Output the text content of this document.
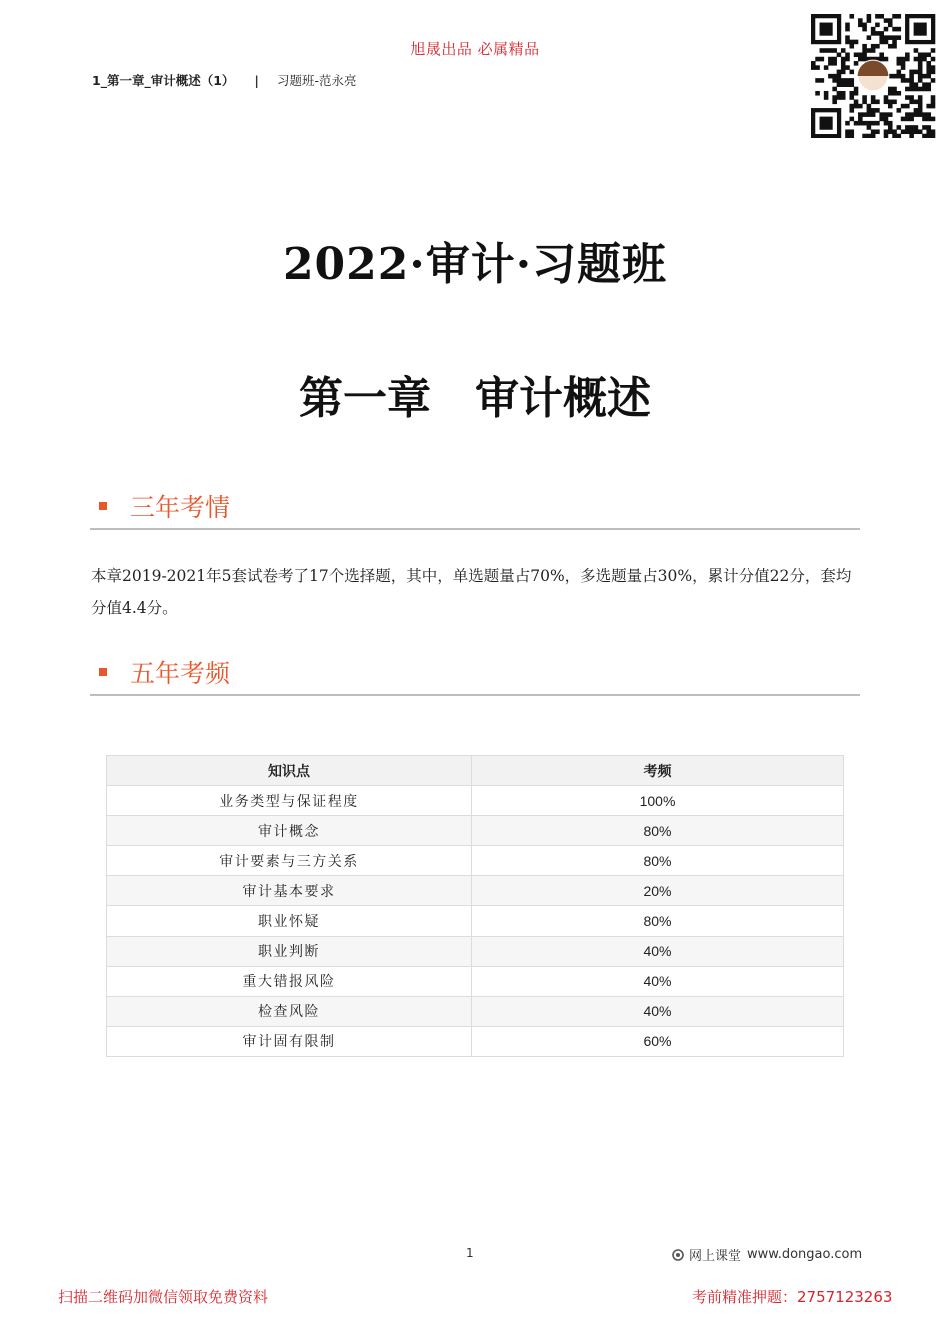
旭晟出品 必属精品
1_第一章_审计概述（1） | 习题班-范永亮
2022·审计·习题班
第一章 审计概述
三年考情

本章2019-2021年5套试卷考了17个选择题，其中，单选题量占70%，多选题量占30%，累计分值22分，套均分值4.4分。

五年考频
知识点	考频
业务类型与保证程度	100%
审计概念	80%
审计要素与三方关系	80%
审计基本要求	20%
职业怀疑	80%
职业判断	40%
重大错报风险	40%
检查风险	40%
审计固有限制	60%
1	网上课堂 www.dongao.com
扫描二维码加微信领取免费资料	考前精准押题：2757123263
